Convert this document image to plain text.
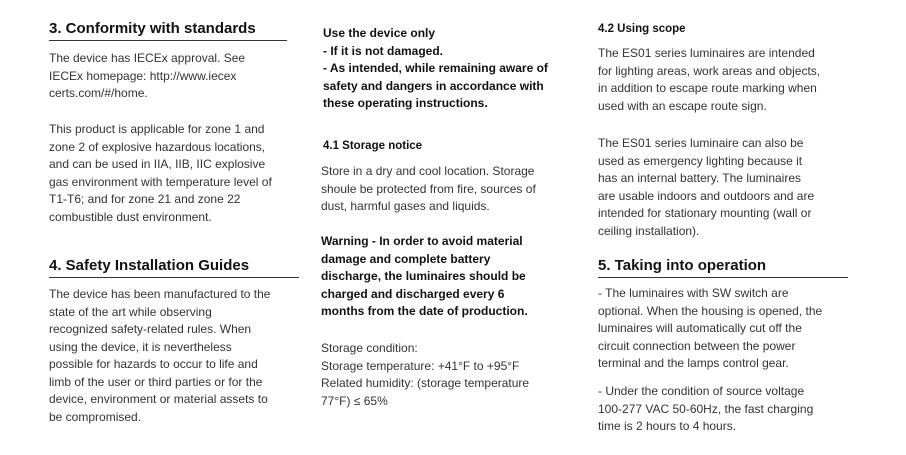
3. Conformity with standards

The device has IECEx approval. See
IECEx homepage: http://www.iecex
certs.com/#/home.

This product is applicable for zone 1 and
zone 2 of explosive hazardous locations,
and can be used in IIA, IIB, IIC explosive
gas environment with temperature level of
T1-T6; and for zone 21 and zone 22
combustible dust environment.

4. Safety Installation Guides

The device has been manufactured to the
state of the art while observing
recognized safety-related rules. When
using the device, it is nevertheless
possible for hazards to occur to life and
limb of the user or third parties or for the
device, environment or material assets to
be compromised.

Use the device only
- If it is not damaged.
- As intended, while remaining aware of
safety and dangers in accordance with
these operating instructions.

4.1 Storage notice

Store in a dry and cool location. Storage
shoule be protected from fire, sources of
dust, harmful gases and liquids.

Warning - In order to avoid material
damage and complete battery
discharge, the luminaires should be
charged and discharged every 6
months from the date of production.

Storage condition:
Storage temperature: +41°F to +95°F
Related humidity: (storage temperature
77°F) ≤ 65%

4.2 Using scope

The ES01 series luminaires are intended
for lighting areas, work areas and objects,
in addition to escape route marking when
used with an escape route sign.

The ES01 series luminaire can also be
used as emergency lighting because it
has an internal battery. The luminaires
are usable indoors and outdoors and are
intended for stationary mounting (wall or
ceiling installation).

5. Taking into operation

- The luminaires with SW switch are
optional. When the housing is opened, the
luminaires will automatically cut off the
circuit connection between the power
terminal and the lamps control gear.

- Under the condition of source voltage
100-277 VAC 50-60Hz, the fast charging
time is 2 hours to 4 hours.
